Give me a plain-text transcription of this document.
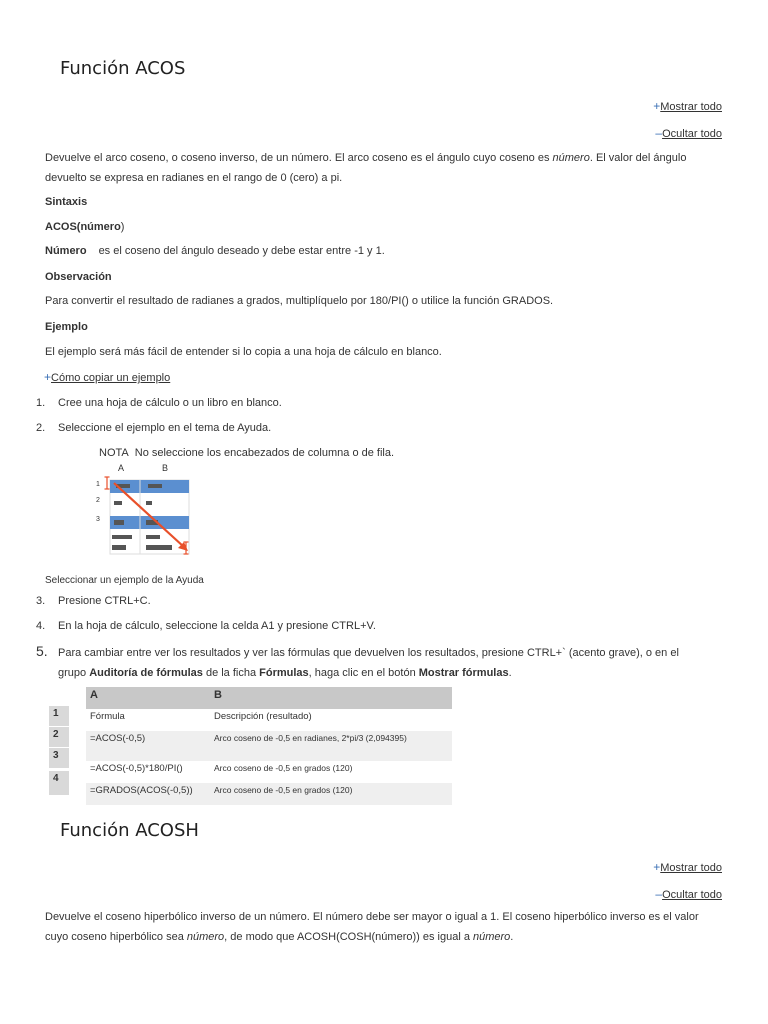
Función ACOS
+Mostrar todo
–Ocultar todo
Devuelve el arco coseno, o coseno inverso, de un número. El arco coseno es el ángulo cuyo coseno es número. El valor del ángulo
devuelto se expresa en radianes en el rango de 0 (cero) a pi.
Sintaxis
ACOS(número)
Número es el coseno del ángulo deseado y debe estar entre -1 y 1.
Observación
Para convertir el resultado de radianes a grados, multiplíquelo por 180/PI() o utilice la función GRADOS.
Ejemplo
El ejemplo será más fácil de entender si lo copia a una hoja de cálculo en blanco.
+Cómo copiar un ejemplo
1. Cree una hoja de cálculo o un libro en blanco.
2. Seleccione el ejemplo en el tema de Ayuda.
NOTA No seleccione los encabezados de columna o de fila.
A	B
1
2
3
Seleccionar un ejemplo de la Ayuda
3. Presione CTRL+C.
4. En la hoja de cálculo, seleccione la celda A1 y presione CTRL+V.
5. Para cambiar entre ver los resultados y ver las fórmulas que devuelven los resultados, presione CTRL+` (acento grave), o en el
grupo Auditoría de fórmulas de la ficha Fórmulas, haga clic en el botón Mostrar fórmulas.
1
2
3
4
A	B
Fórmula	Descripción (resultado)
=ACOS(-0,5)	Arco coseno de -0,5 en radianes, 2*pi/3 (2,094395)
=ACOS(-0,5)*180/PI()	Arco coseno de -0,5 en grados (120)
=GRADOS(ACOS(-0,5))	Arco coseno de -0,5 en grados (120)
Función ACOSH
+Mostrar todo
–Ocultar todo
Devuelve el coseno hiperbólico inverso de un número. El número debe ser mayor o igual a 1. El coseno hiperbólico inverso es el valor
cuyo coseno hiperbólico sea número, de modo que ACOSH(COSH(número)) es igual a número.
